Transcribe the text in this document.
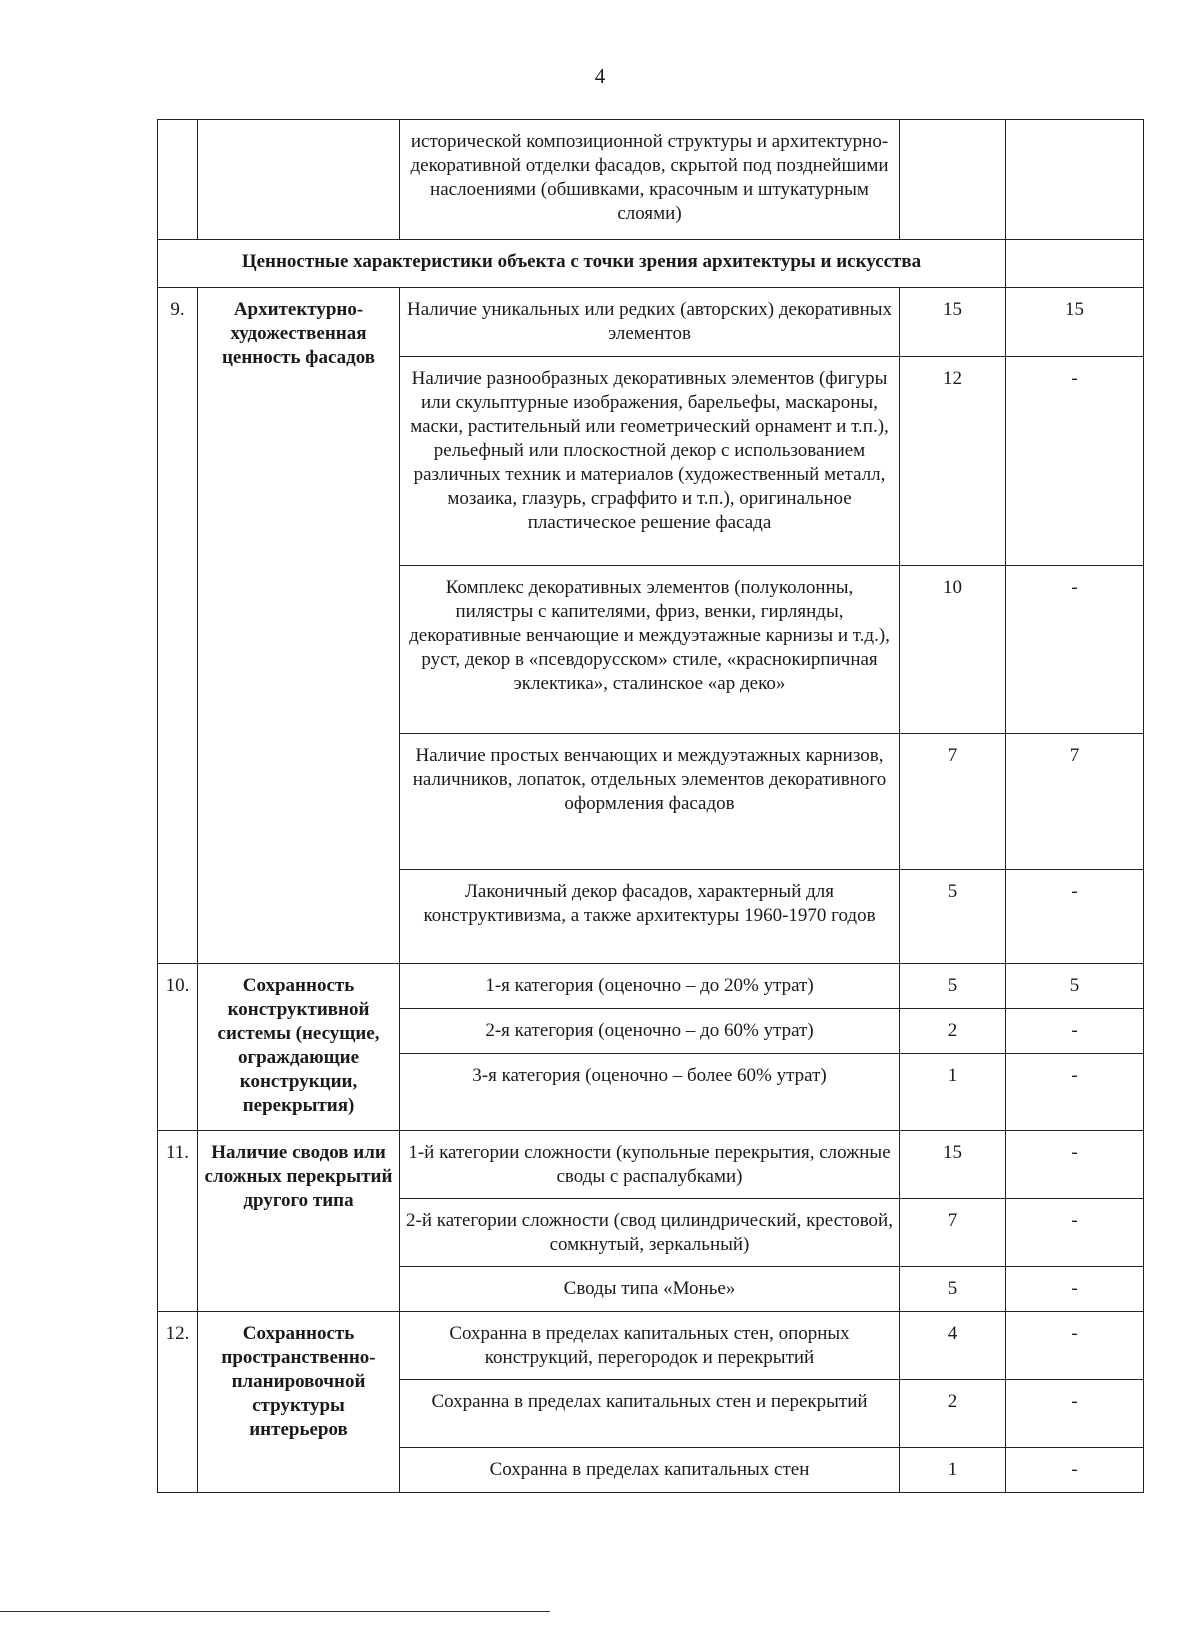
4
		исторической композиционной структуры и архитектурно-декоративной отделки фасадов, скрытой под позднейшими наслоениями (обшивками, красочным и штукатурным слоями)		
Ценностные характеристики объекта с точки зрения архитектуры и искусства				
9.	Архитектурно-художественная ценность фасадов	Наличие уникальных или редких (авторских) декоративных элементов	15	15
		Наличие разнообразных декоративных элементов (фигуры или скульптурные изображения, барельефы, маскароны, маски, растительный или геометрический орнамент и т.п.), рельефный или плоскостной декор с использованием различных техник и материалов (художественный металл, мозаика, глазурь, сграффито и т.п.), оригинальное пластическое решение фасада	12	-
		Комплекс декоративных элементов (полуколонны, пилястры с капителями, фриз, венки, гирлянды, декоративные венчающие и междуэтажные карнизы и т.д.), руст, декор в «псевдорусском» стиле, «краснокирпичная эклектика», сталинское «ар деко»	10	-
		Наличие простых венчающих и междуэтажных карнизов, наличников, лопаток, отдельных элементов декоративного оформления фасадов	7	7
		Лаконичный декор фасадов, характерный для конструктивизма, а также архитектуры 1960-1970 годов	5	-
10.	Сохранность конструктивной системы (несущие, ограждающие конструкции, перекрытия)	1-я категория (оценочно – до 20% утрат)	5	5
		2-я категория (оценочно – до 60% утрат)	2	-
		3-я категория (оценочно – более 60% утрат)	1	-
11.	Наличие сводов или сложных перекрытий другого типа	1-й категории сложности (купольные перекрытия, сложные своды с распалубками)	15	-
		2-й категории сложности (свод цилиндрический, крестовой, сомкнутый, зеркальный)	7	-
		Своды типа «Монье»	5	-
12.	Сохранность пространственно-планировочной структуры интерьеров	Сохранна в пределах капитальных стен, опорных конструкций, перегородок и перекрытий	4	-
		Сохранна в пределах капитальных стен и перекрытий	2	-
		Сохранна в пределах капитальных стен	1	-
